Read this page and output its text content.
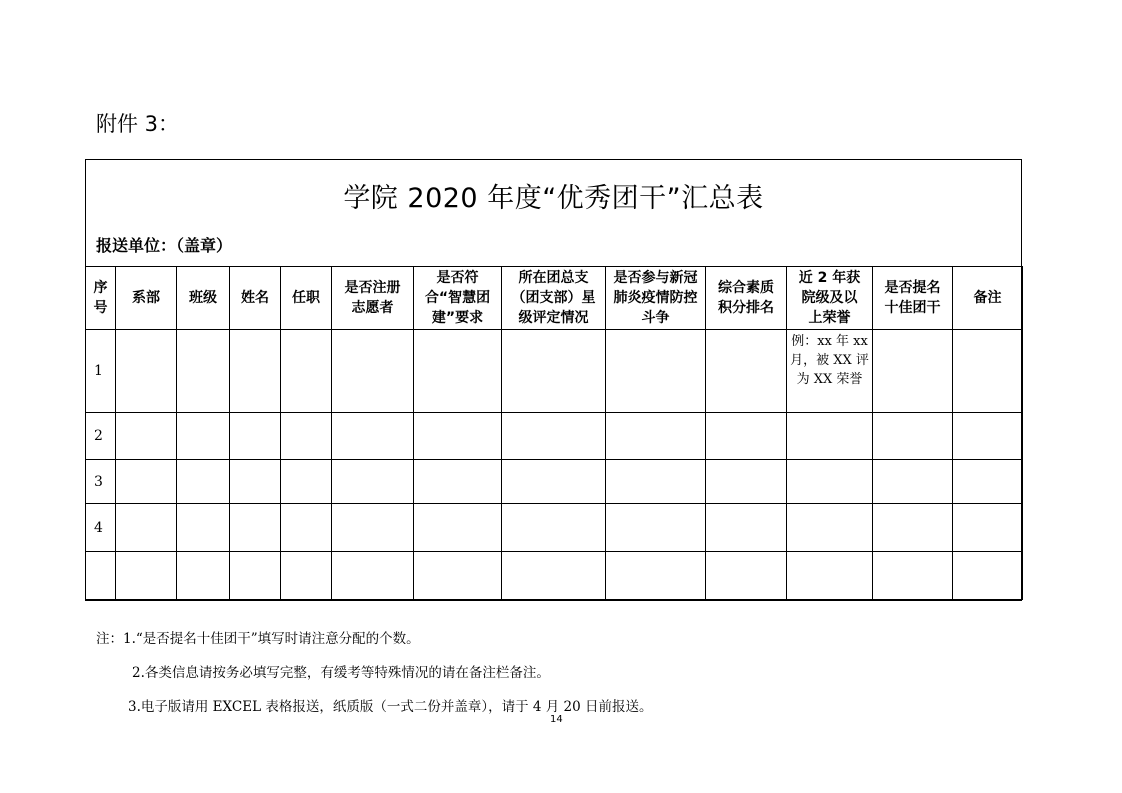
附件 3：
学院 2020 年度“优秀团干”汇总表
报送单位：（盖章）
序号	系部	班级	姓名	任职	是否注册志愿者	是否符合“智慧团建”要求	所在团总支（团支部）星级评定情况	是否参与新冠肺炎疫情防控斗争	综合素质积分排名	近 2 年获院级及以上荣誉	是否提名十佳团干	备注
1										例：xx 年 xx 月，被 XX 评为 XX 荣誉		
2												
3												
4												

注：1.“是否提名十佳团干”填写时请注意分配的个数。
2.各类信息请按务必填写完整，有缓考等特殊情况的请在备注栏备注。
3.电子版请用 EXCEL 表格报送，纸质版（一式二份并盖章），请于 4 月 20 日前报送。
14
